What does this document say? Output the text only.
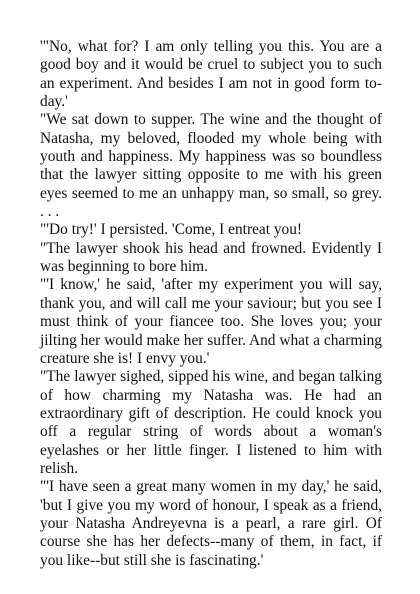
'"No, what for? I am only telling you this. You are a good boy and it would be cruel to subject you to such an experiment. And besides I am not in good form to-day.'

"We sat down to supper. The wine and the thought of Natasha, my beloved, flooded my whole being with youth and happiness. My happiness was so boundless that the lawyer sitting opposite to me with his green eyes seemed to me an unhappy man, so small, so grey. . . .

"'Do try!' I persisted. 'Come, I entreat you!

"The lawyer shook his head and frowned. Evidently I was beginning to bore him.

"'I know,' he said, 'after my experiment you will say, thank you, and will call me your saviour; but you see I must think of your fiancee too. She loves you; your jilting her would make her suffer. And what a charming creature she is! I envy you.'

"The lawyer sighed, sipped his wine, and began talking of how charming my Natasha was. He had an extraordinary gift of description. He could knock you off a regular string of words about a woman's eyelashes or her little finger. I listened to him with relish.

"'I have seen a great many women in my day,' he said, 'but I give you my word of honour, I speak as a friend, your Natasha Andreyevna is a pearl, a rare girl. Of course she has her defects--many of them, in fact, if you like--but still she is fascinating.'
